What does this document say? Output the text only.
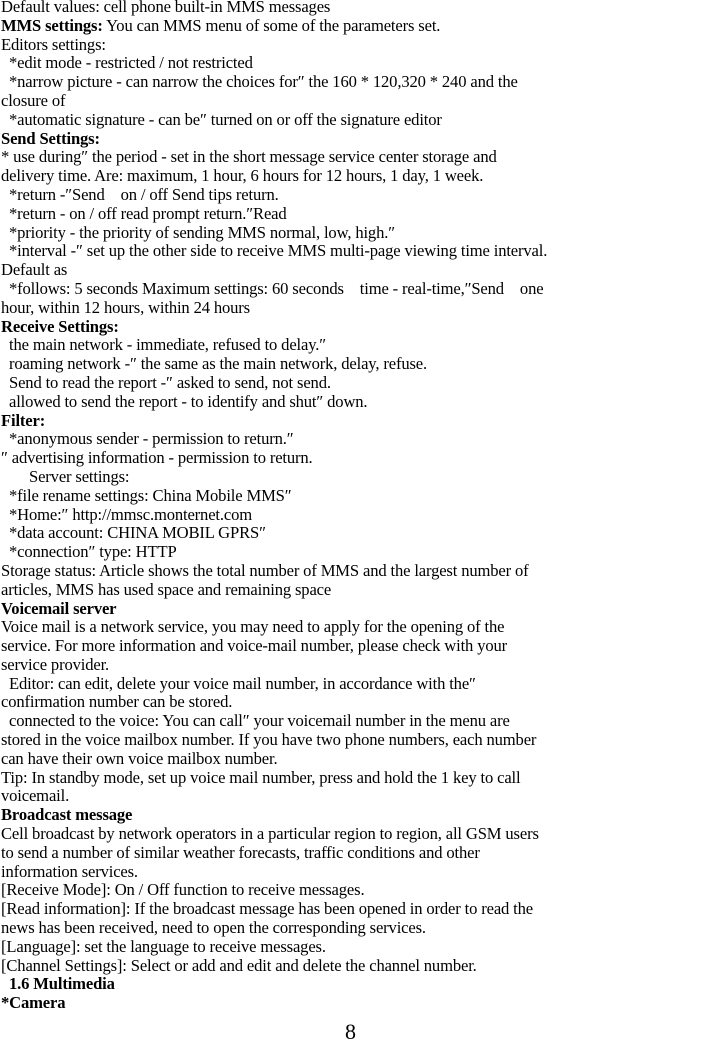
Default values: cell phone built-in MMS messages
MMS settings: You can MMS menu of some of the parameters set.
Editors settings:
*edit mode - restricted / not restricted
*narrow picture - can narrow the choices for″ the 160 * 120,320 * 240 and the
closure of
*automatic signature - can be″ turned on or off the signature editor
Send Settings:
* use during″ the period - set in the short message service center storage and
delivery time. Are: maximum, 1 hour, 6 hours for 12 hours, 1 day, 1 week.
*return -″Send    on / off Send tips return.
*return - on / off read prompt return.″Read
*priority - the priority of sending MMS normal, low, high.″
*interval -″ set up the other side to receive MMS multi-page viewing time interval.
Default as
*follows: 5 seconds Maximum settings: 60 seconds    time - real-time,″Send    one
hour, within 12 hours, within 24 hours
Receive Settings:
the main network - immediate, refused to delay.″
roaming network -″ the same as the main network, delay, refuse.
Send to read the report -″ asked to send, not send.
allowed to send the report - to identify and shut″ down.
Filter:
*anonymous sender - permission to return.″
″ advertising information - permission to return.
Server settings:
*file rename settings: China Mobile MMS″
*Home:″ http://mmsc.monternet.com
*data account: CHINA MOBIL GPRS″
*connection″ type: HTTP
Storage status: Article shows the total number of MMS and the largest number of
articles, MMS has used space and remaining space
Voicemail server
Voice mail is a network service, you may need to apply for the opening of the
service. For more information and voice-mail number, please check with your
service provider.
Editor: can edit, delete your voice mail number, in accordance with the″
confirmation number can be stored.
connected to the voice: You can call″ your voicemail number in the menu are
stored in the voice mailbox number. If you have two phone numbers, each number
can have their own voice mailbox number.
Tip: In standby mode, set up voice mail number, press and hold the 1 key to call
voicemail.
Broadcast message
Cell broadcast by network operators in a particular region to region, all GSM users
to send a number of similar weather forecasts, traffic conditions and other
information services.
[Receive Mode]: On / Off function to receive messages.
[Read information]: If the broadcast message has been opened in order to read the
news has been received, need to open the corresponding services.
[Language]: set the language to receive messages.
[Channel Settings]: Select or add and edit and delete the channel number.
1.6 Multimedia
*Camera
8
